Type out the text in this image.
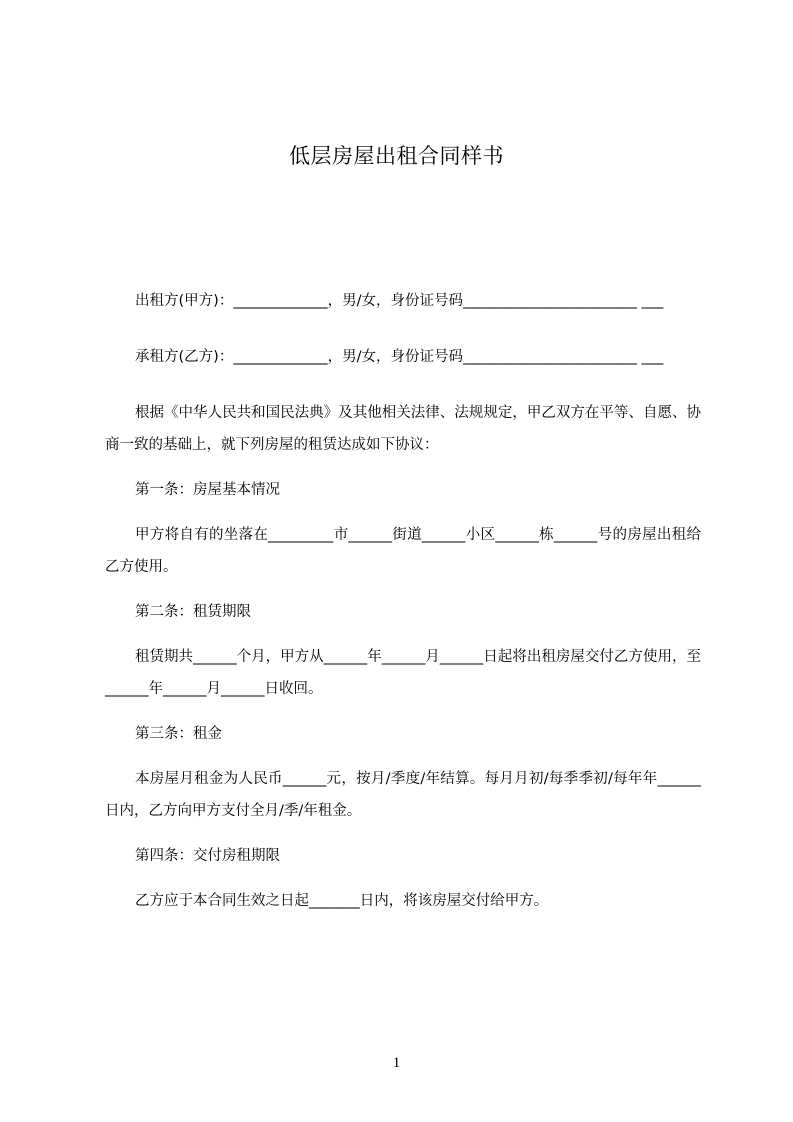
低层房屋出租合同样书

出租方(甲方)：_____________，男/女，身份证号码________________________ ___

承租方(乙方)：_____________，男/女，身份证号码________________________ ___

根据《中华人民共和国民法典》及其他相关法律、法规规定，甲乙双方在平等、自愿、协商一致的基础上，就下列房屋的租赁达成如下协议：

第一条：房屋基本情况

甲方将自有的坐落在_________市______街道______小区______栋______号的房屋出租给乙方使用。

第二条：租赁期限

租赁期共______个月，甲方从______年______月______日起将出租房屋交付乙方使用，至______年______月______日收回。

第三条：租金

本房屋月租金为人民币______元，按月/季度/年结算。每月月初/每季季初/每年年______日内，乙方向甲方支付全月/季/年租金。

第四条：交付房租期限

乙方应于本合同生效之日起_______日内，将该房屋交付给甲方。

1
